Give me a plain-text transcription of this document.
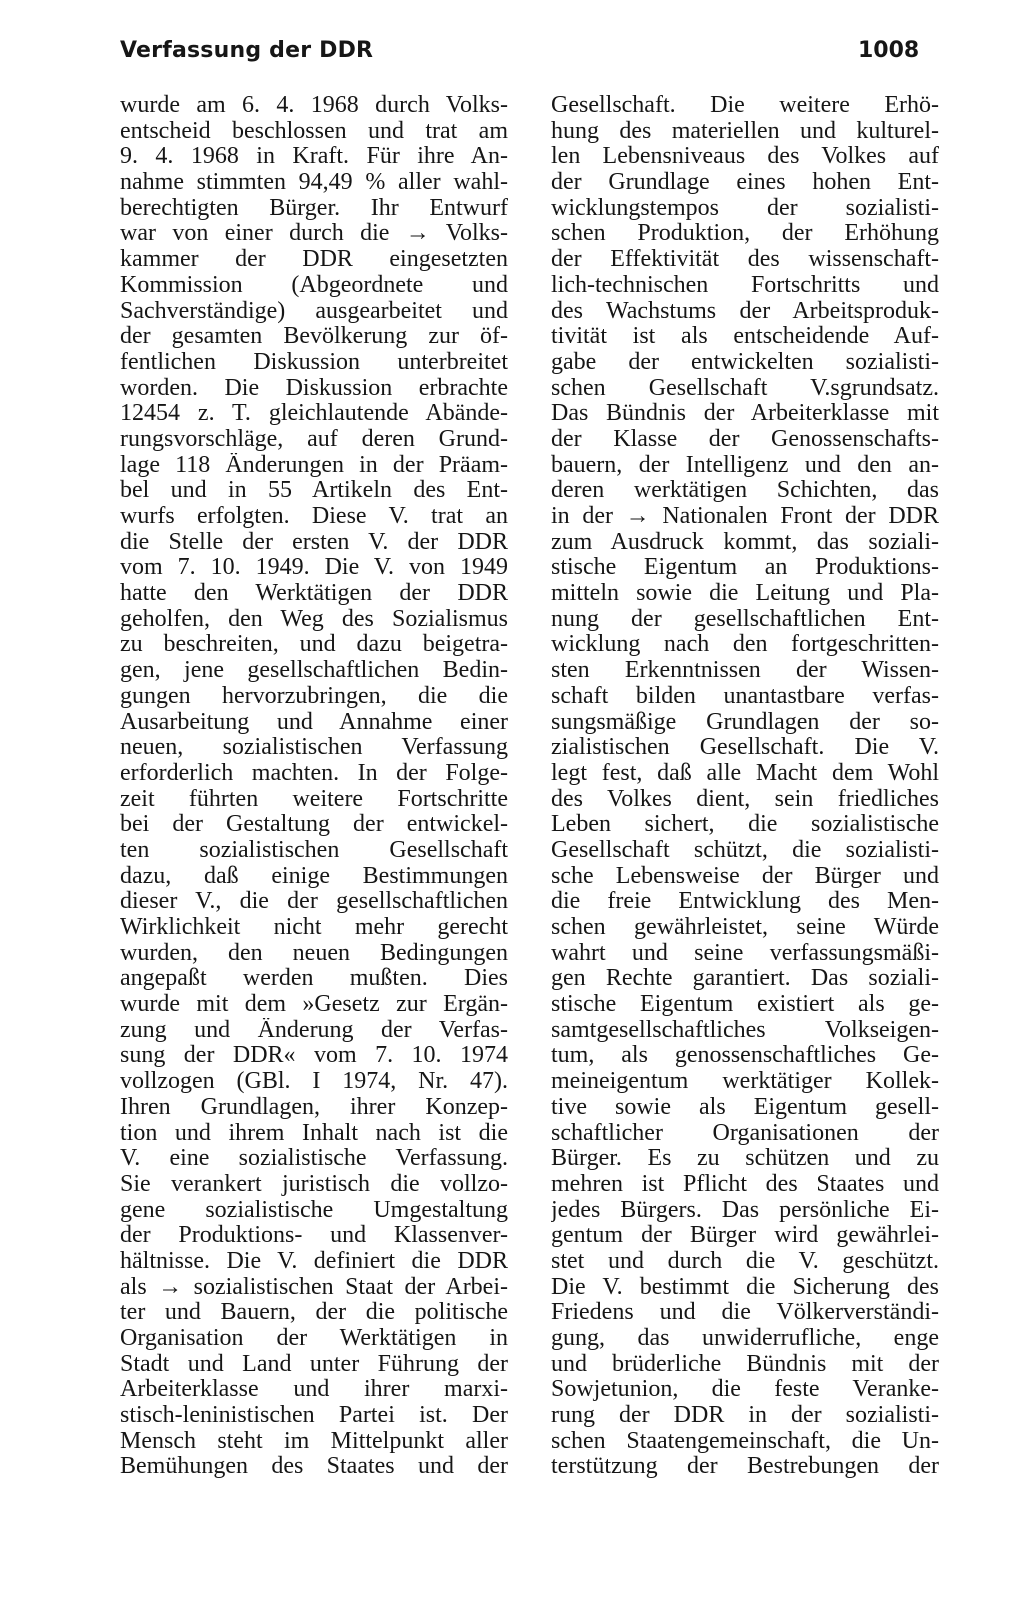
Verfassung der DDR	1008

wurde am 6. 4. 1968 durch Volks-

entscheid beschlossen und trat am

9. 4. 1968 in Kraft. Für ihre An-

nahme stimmten 94,49 % aller wahl-

berechtigten Bürger. Ihr Entwurf

war von einer durch die → Volks-

kammer der DDR eingesetzten

Kommission (Abgeordnete und

Sachverständige) ausgearbeitet und

der gesamten Bevölkerung zur öf-

fentlichen Diskussion unterbreitet

worden. Die Diskussion erbrachte

12454 z. T. gleichlautende Abände-

rungsvorschläge, auf deren Grund-

lage 118 Änderungen in der Präam-

bel und in 55 Artikeln des Ent-

wurfs erfolgten. Diese V. trat an

die Stelle der ersten V. der DDR

vom 7. 10. 1949. Die V. von 1949

hatte den Werktätigen der DDR

geholfen, den Weg des Sozialismus

zu beschreiten, und dazu beigetra-

gen, jene gesellschaftlichen Bedin-

gungen hervorzubringen, die die

Ausarbeitung und Annahme einer

neuen, sozialistischen Verfassung

erforderlich machten. In der Folge-

zeit führten weitere Fortschritte

bei der Gestaltung der entwickel-

ten sozialistischen Gesellschaft

dazu, daß einige Bestimmungen

dieser V., die der gesellschaftlichen

Wirklichkeit nicht mehr gerecht

wurden, den neuen Bedingungen

angepaßt werden mußten. Dies

wurde mit dem »Gesetz zur Ergän-

zung und Änderung der Verfas-

sung der DDR« vom 7. 10. 1974

vollzogen (GBl. I 1974, Nr. 47).

Ihren Grundlagen, ihrer Konzep-

tion und ihrem Inhalt nach ist die

V. eine sozialistische Verfassung.

Sie verankert juristisch die vollzo-

gene sozialistische Umgestaltung

der Produktions- und Klassenver-

hältnisse. Die V. definiert die DDR

als → sozialistischen Staat der Arbei-

ter und Bauern, der die politische

Organisation der Werktätigen in

Stadt und Land unter Führung der

Arbeiterklasse und ihrer marxi-

stisch-leninistischen Partei ist. Der

Mensch steht im Mittelpunkt aller

Bemühungen des Staates und der

Gesellschaft. Die weitere Erhö-

hung des materiellen und kulturel-

len Lebensniveaus des Volkes auf

der Grundlage eines hohen Ent-

wicklungstempos der sozialisti-

schen Produktion, der Erhöhung

der Effektivität des wissenschaft-

lich-technischen Fortschritts und

des Wachstums der Arbeitsproduk-

tivität ist als entscheidende Auf-

gabe der entwickelten sozialisti-

schen Gesellschaft V.sgrundsatz.

Das Bündnis der Arbeiterklasse mit

der Klasse der Genossenschafts-

bauern, der Intelligenz und den an-

deren werktätigen Schichten, das

in der → Nationalen Front der DDR

zum Ausdruck kommt, das soziali-

stische Eigentum an Produktions-

mitteln sowie die Leitung und Pla-

nung der gesellschaftlichen Ent-

wicklung nach den fortgeschritten-

sten Erkenntnissen der Wissen-

schaft bilden unantastbare verfas-

sungsmäßige Grundlagen der so-

zialistischen Gesellschaft. Die V.

legt fest, daß alle Macht dem Wohl

des Volkes dient, sein friedliches

Leben sichert, die sozialistische

Gesellschaft schützt, die sozialisti-

sche Lebensweise der Bürger und

die freie Entwicklung des Men-

schen gewährleistet, seine Würde

wahrt und seine verfassungsmäßi-

gen Rechte garantiert. Das soziali-

stische Eigentum existiert als ge-

samtgesellschaftliches Volkseigen-

tum, als genossenschaftliches Ge-

meineigentum werktätiger Kollek-

tive sowie als Eigentum gesell-

schaftlicher Organisationen der

Bürger. Es zu schützen und zu

mehren ist Pflicht des Staates und

jedes Bürgers. Das persönliche Ei-

gentum der Bürger wird gewährlei-

stet und durch die V. geschützt.

Die V. bestimmt die Sicherung des

Friedens und die Völkerverständi-

gung, das unwiderrufliche, enge

und brüderliche Bündnis mit der

Sowjetunion, die feste Veranke-

rung der DDR in der sozialisti-

schen Staatengemeinschaft, die Un-

terstützung der Bestrebungen der
